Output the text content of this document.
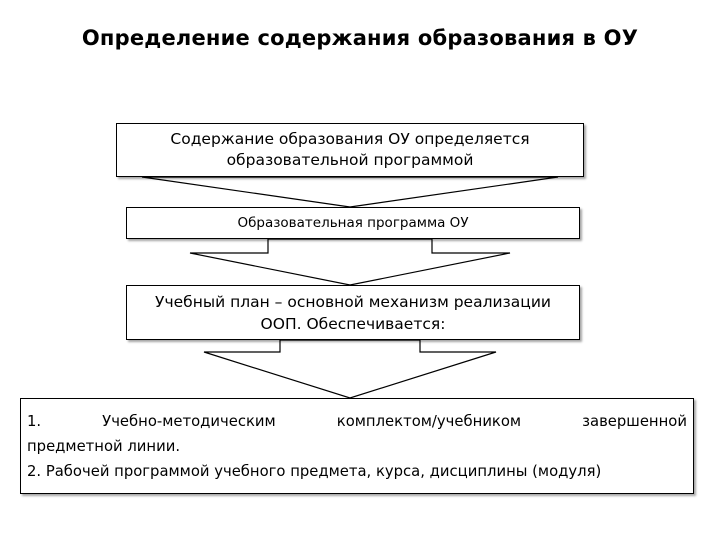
Определение содержания образования в ОУ
Содержание образования ОУ определяется
образовательной программой
Образовательная программа ОУ
Учебный план – основной механизм реализации
ООП. Обеспечивается:
1.	Учебно-методическим	комплектом/учебником	завершенной
предметной линии.
2. Рабочей программой учебного предмета, курса, дисциплины (модуля)
